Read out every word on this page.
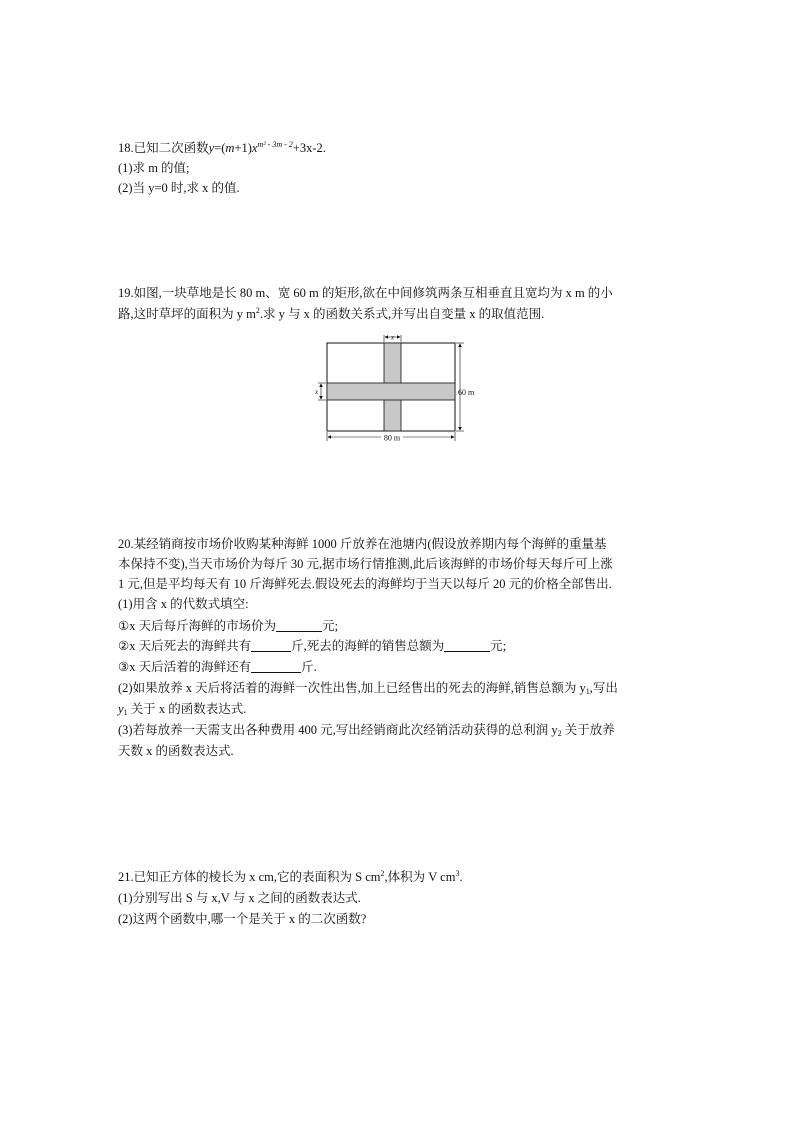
18.已知二次函数$y=(m+1)x^{m^2 - 3m - 2}+3x-2$.
(1)求 m 的值;
(2)当 y=0 时,求 x 的值.
19.如图,一块草地是长 80 m、宽 60 m 的矩形,欲在中间修筑两条互相垂直且宽均为 x m 的小
路,这时草坪的面积为 y $m^2$.求 y 与 x 的函数关系式,并写出自变量 x 的取值范围.
x
x	60 m
80 m
20.某经销商按市场价收购某种海鲜 1000 斤放养在池塘内(假设放养期内每个海鲜的重量基
本保持不变),当天市场价为每斤 30 元,据市场行情推测,此后该海鲜的市场价每天每斤可上涨
1 元,但是平均每天有 10 斤海鲜死去.假设死去的海鲜均于当天以每斤 20 元的价格全部售出.
(1)用含 x 的代数式填空:
①x 天后每斤海鲜的市场价为	元;
②x 天后死去的海鲜共有	斤,死去的海鲜的销售总额为	元;
③x 天后活着的海鲜还有	斤.
(2)如果放养 x 天后将活着的海鲜一次性出售,加上已经售出的死去的海鲜,销售总额为 $y_1$,写出
$y_1$ 关于 x 的函数表达式.
(3)若每放养一天需支出各种费用 400 元,写出经销商此次经销活动获得的总利润 $y_2$ 关于放养
天数 x 的函数表达式.
21.已知正方体的棱长为 x cm,它的表面积为 S $cm^2$,体积为 V $cm^3$.
(1)分别写出 S 与 x,V 与 x 之间的函数表达式.
(2)这两个函数中,哪一个是关于 x 的二次函数?
